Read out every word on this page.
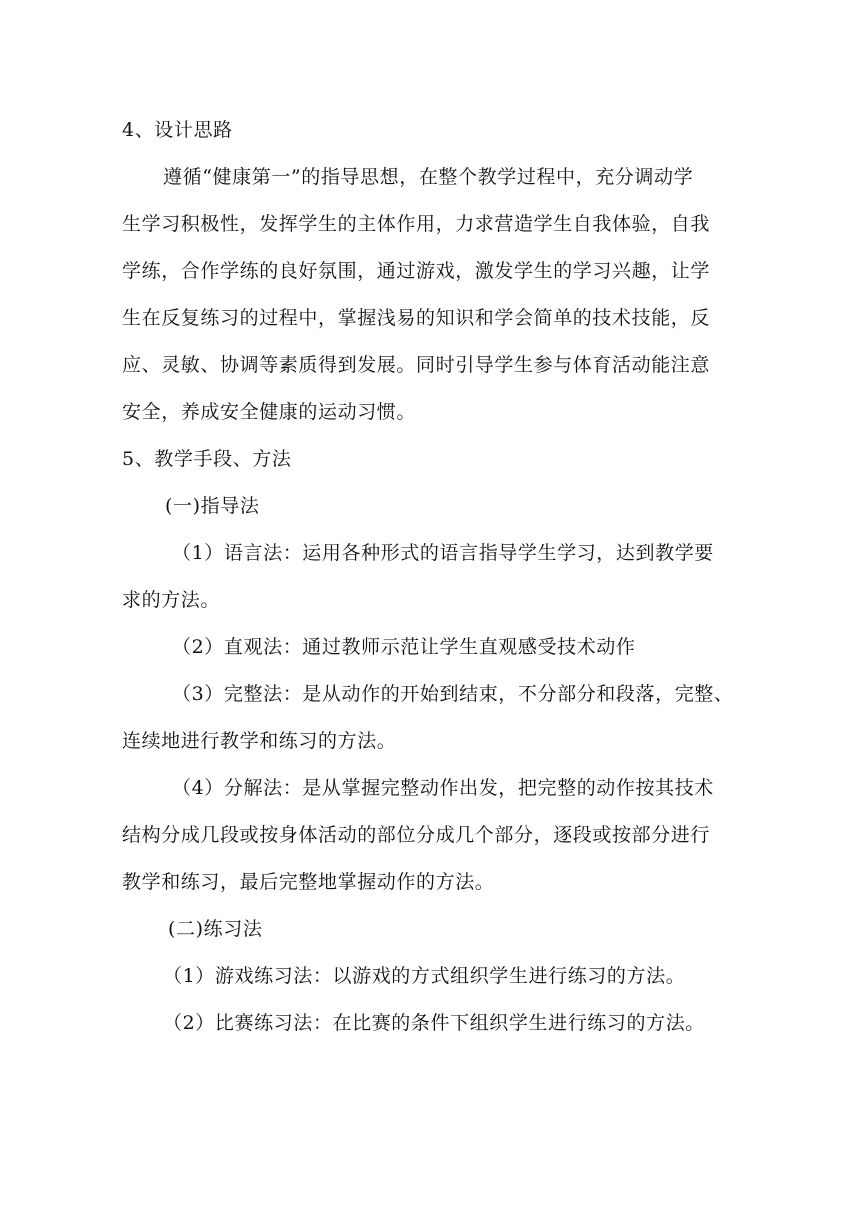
4、设计思路
遵循“健康第一”的指导思想，在整个教学过程中，充分调动学
生学习积极性，发挥学生的主体作用，力求营造学生自我体验，自我
学练，合作学练的良好氛围，通过游戏，激发学生的学习兴趣，让学
生在反复练习的过程中，掌握浅易的知识和学会简单的技术技能，反
应、灵敏、协调等素质得到发展。同时引导学生参与体育活动能注意
安全，养成安全健康的运动习惯。
5、教学手段、方法
(一)指导法
（1）语言法：运用各种形式的语言指导学生学习，达到教学要
求的方法。
（2）直观法：通过教师示范让学生直观感受技术动作
（3）完整法：是从动作的开始到结束，不分部分和段落，完整、
连续地进行教学和练习的方法。
（4）分解法：是从掌握完整动作出发，把完整的动作按其技术
结构分成几段或按身体活动的部位分成几个部分，逐段或按部分进行
教学和练习，最后完整地掌握动作的方法。
(二)练习法
（1）游戏练习法：以游戏的方式组织学生进行练习的方法。
（2）比赛练习法：在比赛的条件下组织学生进行练习的方法。
